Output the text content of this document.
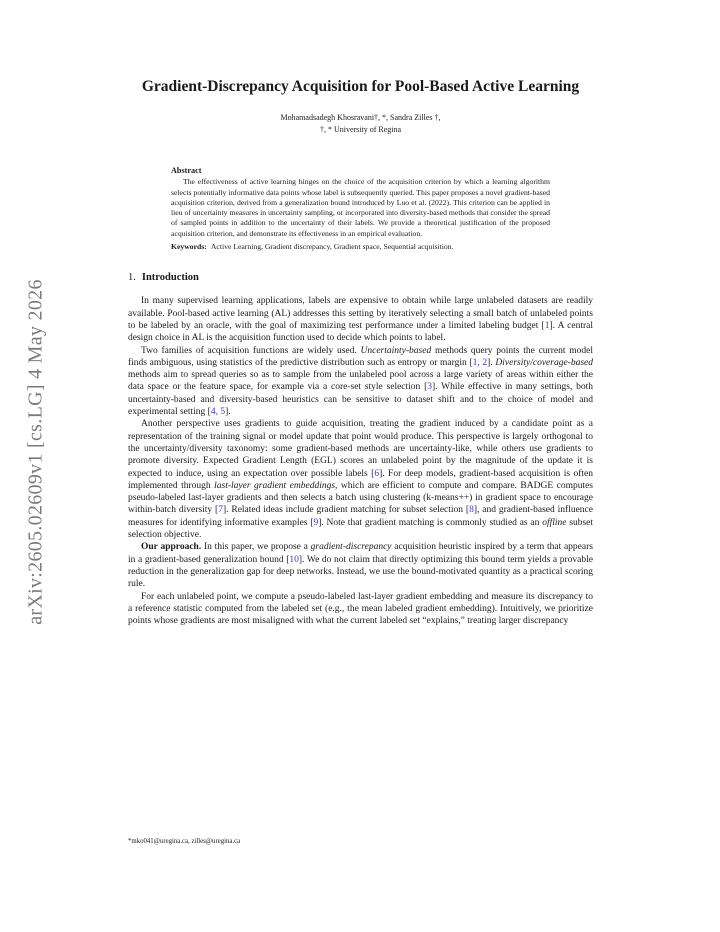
arXiv:2605.02609v1 [cs.LG] 4 May 2026
Gradient-Discrepancy Acquisition for Pool-Based Active Learning
Mohamadsadegh Khosravani†, *, Sandra Zilles †,
†, * University of Regina
Abstract

The effectiveness of active learning hinges on the choice of the acquisition criterion by which a learning algorithm selects potentially informative data points whose label is subsequently queried. This paper proposes a novel gradient-based acquisition criterion, derived from a generalization bound introduced by Luo et al. (2022). This criterion can be applied in lieu of uncertainty measures in uncertainty sampling, or incorporated into diversity-based methods that consider the spread of sampled points in addition to the uncertainty of their labels. We provide a theoretical justification of the proposed acquisition criterion, and demonstrate its effectiveness in an empirical evaluation.

Keywords: Active Learning, Gradient discrepancy, Gradient space, Sequential acquisition.
1. Introduction

In many supervised learning applications, labels are expensive to obtain while large unlabeled datasets are readily available. Pool-based active learning (AL) addresses this setting by iteratively selecting a small batch of unlabeled points to be labeled by an oracle, with the goal of maximizing test performance under a limited labeling budget [1]. A central design choice in AL is the acquisition function used to decide which points to label.

Two families of acquisition functions are widely used. Uncertainty-based methods query points the current model finds ambiguous, using statistics of the predictive distribution such as entropy or margin [1, 2]. Diversity/coverage-based methods aim to spread queries so as to sample from the unlabeled pool across a large variety of areas within either the data space or the feature space, for example via a core-set style selection [3]. While effective in many settings, both uncertainty-based and diversity-based heuristics can be sensitive to dataset shift and to the choice of model and experimental setting [4, 5].

Another perspective uses gradients to guide acquisition, treating the gradient induced by a candidate point as a representation of the training signal or model update that point would produce. This perspective is largely orthogonal to the uncertainty/diversity taxonomy: some gradient-based methods are uncertainty-like, while others use gradients to promote diversity. Expected Gradient Length (EGL) scores an unlabeled point by the magnitude of the update it is expected to induce, using an expectation over possible labels [6]. For deep models, gradient-based acquisition is often implemented through last-layer gradient embeddings, which are efficient to compute and compare. BADGE computes pseudo-labeled last-layer gradients and then selects a batch using clustering (k-means++) in gradient space to encourage within-batch diversity [7]. Related ideas include gradient matching for subset selection [8], and gradient-based influence measures for identifying informative examples [9]. Note that gradient matching is commonly studied as an offline subset selection objective.

Our approach. In this paper, we propose a gradient-discrepancy acquisition heuristic inspired by a term that appears in a gradient-based generalization bound [10]. We do not claim that directly optimizing this bound term yields a provable reduction in the generalization gap for deep networks. Instead, we use the bound-motivated quantity as a practical scoring rule.

For each unlabeled point, we compute a pseudo-labeled last-layer gradient embedding and measure its discrepancy to a reference statistic computed from the labeled set (e.g., the mean labeled gradient embedding). Intuitively, we prioritize points whose gradients are most misaligned with what the current labeled set “explains,” treating larger discrepancy

*mko041@uregina.ca, zilles@uregina.ca
